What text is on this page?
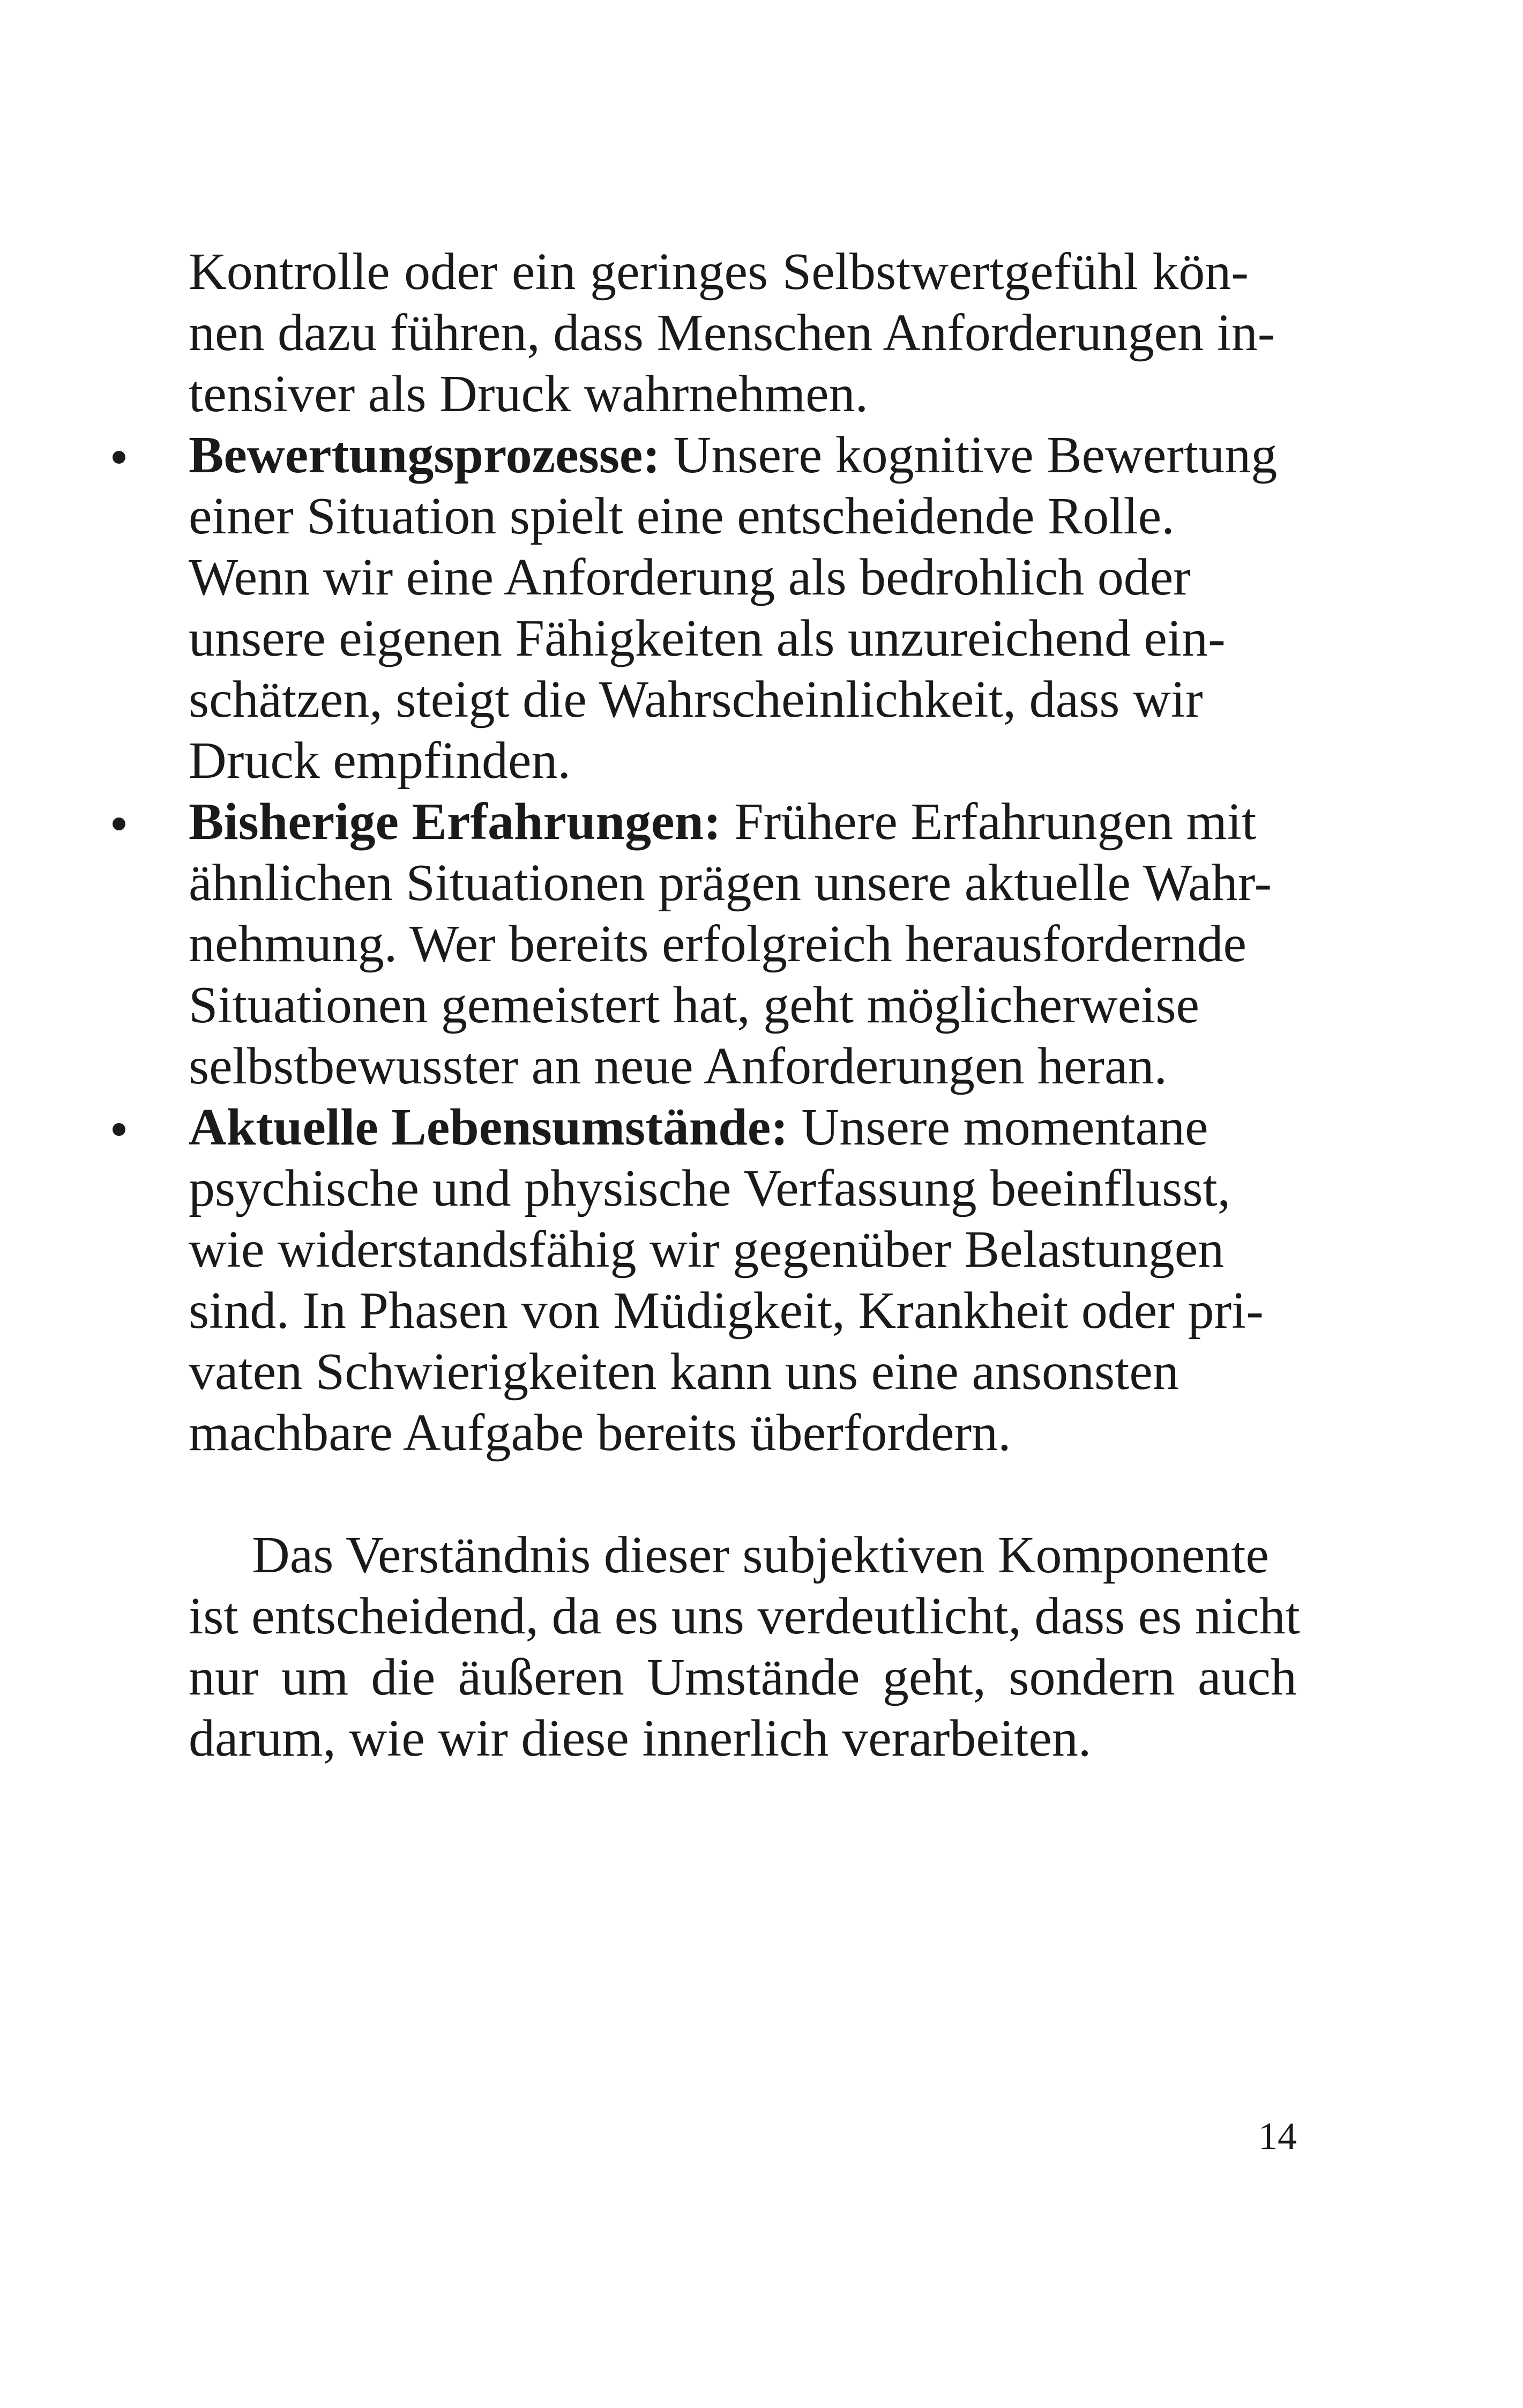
Kontrolle oder ein geringes Selbstwertgefühl kön-
nen dazu führen, dass Menschen Anforderungen in-
tensiver als Druck wahrnehmen.
Bewertungsprozesse: Unsere kognitive Bewertung
einer Situation spielt eine entscheidende Rolle.
Wenn wir eine Anforderung als bedrohlich oder
unsere eigenen Fähigkeiten als unzureichend ein-
schätzen, steigt die Wahrscheinlichkeit, dass wir
Druck empfinden.
Bisherige Erfahrungen: Frühere Erfahrungen mit
ähnlichen Situationen prägen unsere aktuelle Wahr-
nehmung. Wer bereits erfolgreich herausfordernde
Situationen gemeistert hat, geht möglicherweise
selbstbewusster an neue Anforderungen heran.
Aktuelle Lebensumstände: Unsere momentane
psychische und physische Verfassung beeinflusst,
wie widerstandsfähig wir gegenüber Belastungen
sind. In Phasen von Müdigkeit, Krankheit oder pri-
vaten Schwierigkeiten kann uns eine ansonsten
machbare Aufgabe bereits überfordern.
Das Verständnis dieser subjektiven Komponente
ist entscheidend, da es uns verdeutlicht, dass es nicht
nur um die äußeren Umstände geht, sondern auch
darum, wie wir diese innerlich verarbeiten.
14
